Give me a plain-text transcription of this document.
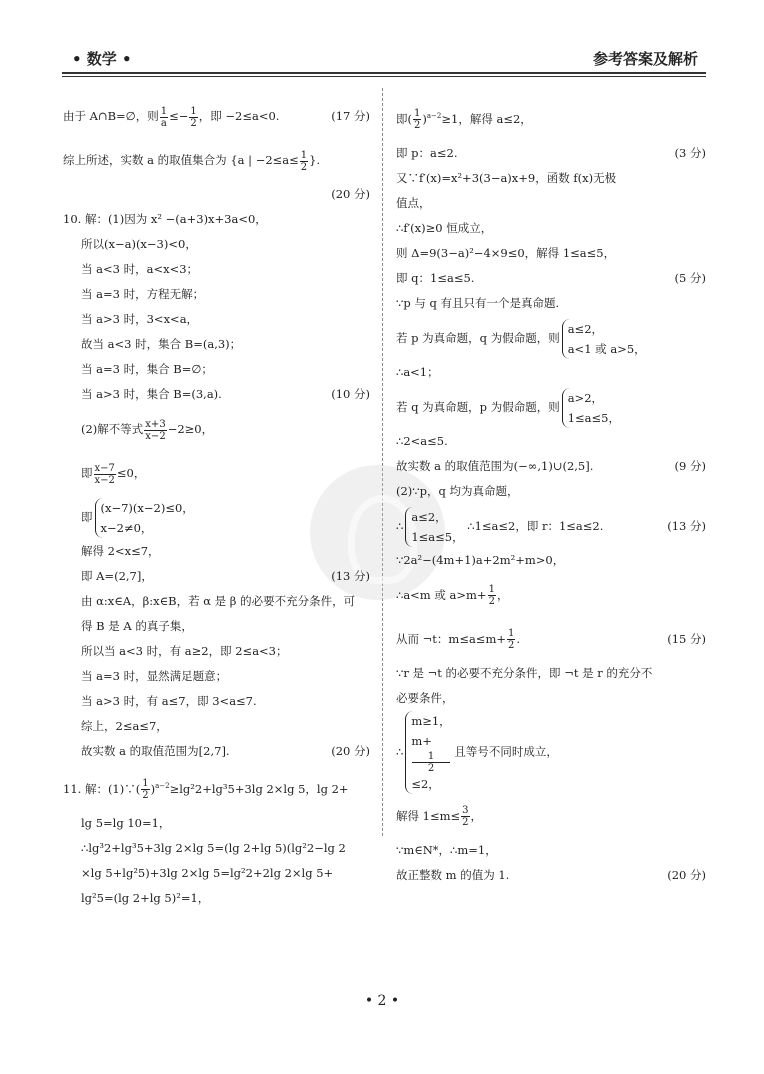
• 数学 •	参考答案及解析
由于 A∩B=∅，则 $\frac{1}{a} \le- \frac{1}{2}$ ，即 −2≤a<0.	(17 分)
综上所述，实数 a 的取值集合为 {a | $-2\le a\le \frac{1}{2}$ }.
(20 分)
10. 解：(1)因为 x² −(a+3)x+3a<0，
所以(x−a)(x−3)<0，
当 a<3 时，a<x<3；
当 a=3 时，方程无解；
当 a>3 时，3<x<a，
故当 a<3 时，集合 B=(a,3)；
当 a=3 时，集合 B=∅；
当 a>3 时，集合 B=(3,a).	(10 分)
(2)解不等式 $\frac{x+3}{x-2} -2\ge 0$，
即 $\frac{x-7}{x-2} \le 0$，
即
(x−7)(x−2)≤0，
x−2≠0，
解得 2<x≤7，
即 A=(2,7]，	(13 分)
由 α:x∈A，β:x∈B，若 α 是 β 的必要不充分条件，可
得 B 是 A 的真子集，
所以当 a<3 时，有 a≥2，即 2≤a<3；
当 a=3 时，显然满足题意；
当 a>3 时，有 a≤7，即 3<a≤7.
综上，2≤a≤7，
故实数 a 的取值范围为[2,7].	(20 分)
11. 解：(1)∵( $\frac{1}{2} )^{a-2}\ge\lg^22+\lg^35+3\lg$ 2×lg 5，lg 2+
lg 5=lg 10=1，
∴lg³2+lg³5+3lg 2×lg 5=(lg 2+lg 5)(lg²2−lg 2
×lg 5+lg²5)+3lg 2×lg 5=lg²2+2lg 2×lg 5+
lg²5=(lg 2+lg 5)²=1，
即( $\frac{1}{2} )^{a-2}\ge 1$，解得 a≤2，
即 p：a≤2.	(3 分)
又∵f′(x)=x²+3(3−a)x+9，函数 f(x)无极
值点，
∴f′(x)≥0 恒成立，
则 Δ=9(3−a)²−4×9≤0，解得 1≤a≤5，
即 q：1≤a≤5.	(5 分)
∵p 与 q 有且只有一个是真命题.
若 p 为真命题，q 为假命题，则
a≤2，
a<1 或 a>5，
∴a<1；
若 q 为真命题，p 为假命题，则
a>2，
1≤a≤5，
∴2<a≤5.
故实数 a 的取值范围为(−∞,1)∪(2,5].	(9 分)
(2)∵p，q 均为真命题，
∴
a≤2，
1≤a≤5，
∴1≤a≤2，即 r：1≤a≤2.	(13 分)
∵2a²−(4m+1)a+2m²+m>0，
∴a<m 或 $a>m+ \frac{1}{2}$ ，
从而 ¬t：$m\le a\le m+ \frac{1}{2}$ .	(15 分)
∵r 是 ¬t 的必要不充分条件，即 ¬t 是 r 的充分不
必要条件，
∴
m≥1，
m+
1
2
≤2，
且等号不同时成立，
解得 $1\le m\le \frac{3}{2}$ ，
∵m∈N*，∴m=1，
故正整数 m 的值为 1.	(20 分)
• 2 •
